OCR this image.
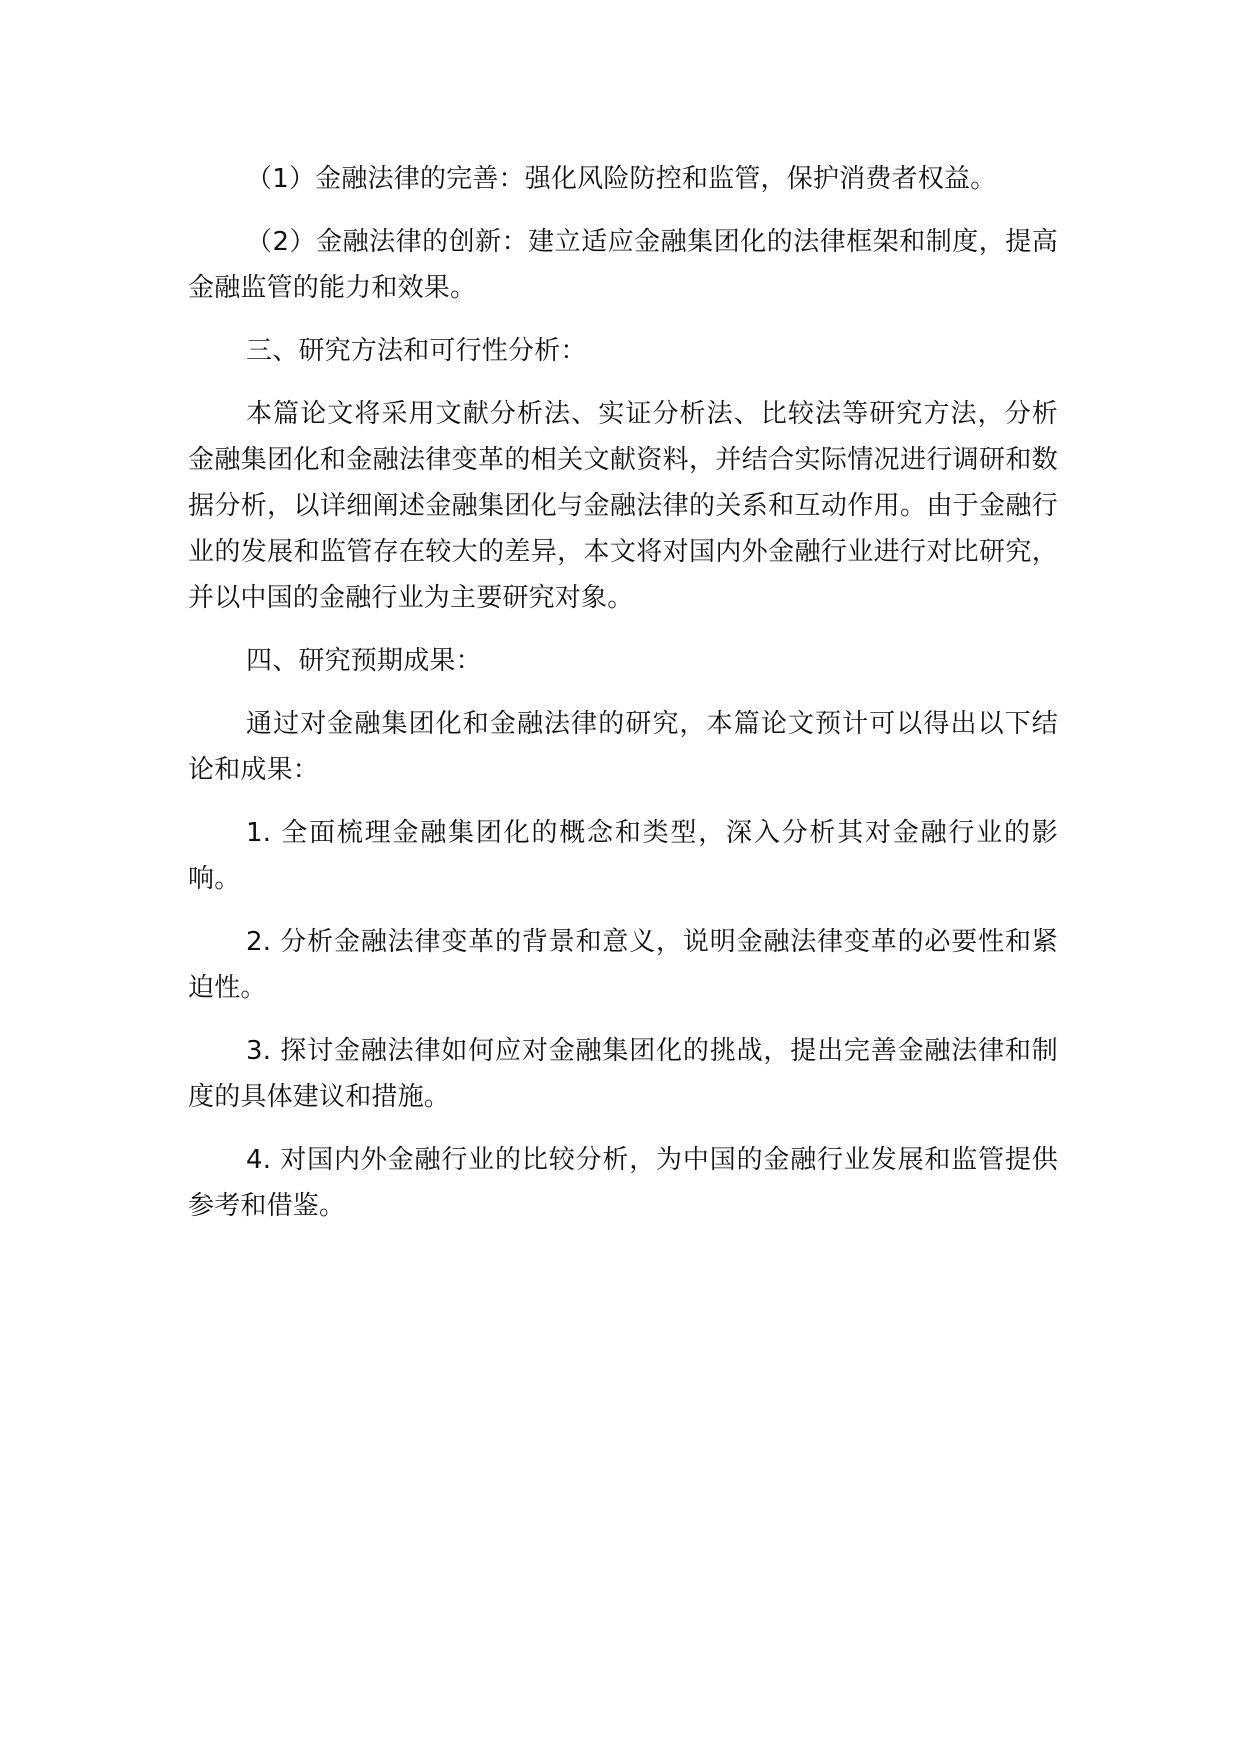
（1）金融法律的完善：强化风险防控和监管，保护消费者权益。

（2）金融法律的创新：建立适应金融集团化的法律框架和制度，提高金融监管的能力和效果。

三、研究方法和可行性分析：

本篇论文将采用文献分析法、实证分析法、比较法等研究方法，分析金融集团化和金融法律变革的相关文献资料，并结合实际情况进行调研和数据分析，以详细阐述金融集团化与金融法律的关系和互动作用。由于金融行业的发展和监管存在较大的差异，本文将对国内外金融行业进行对比研究，并以中国的金融行业为主要研究对象。

四、研究预期成果：

通过对金融集团化和金融法律的研究，本篇论文预计可以得出以下结论和成果：

1. 全面梳理金融集团化的概念和类型，深入分析其对金融行业的影响。

2. 分析金融法律变革的背景和意义，说明金融法律变革的必要性和紧迫性。

3. 探讨金融法律如何应对金融集团化的挑战，提出完善金融法律和制度的具体建议和措施。

4. 对国内外金融行业的比较分析，为中国的金融行业发展和监管提供参考和借鉴。
